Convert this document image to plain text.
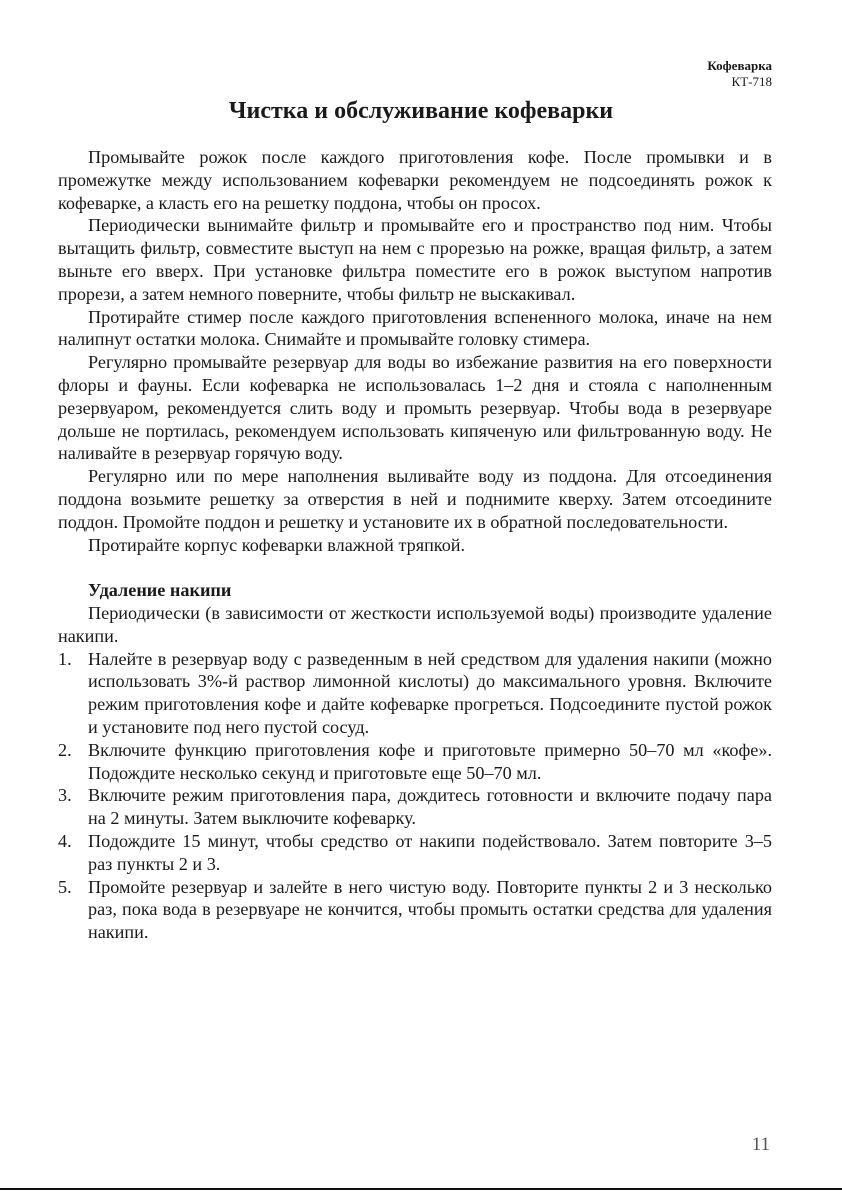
Кофеварка
КТ-718
Чистка и обслуживание кофеварки

Промывайте рожок после каждого приготовления кофе. После промывки и в промежутке между использованием кофеварки рекомендуем не подсоединять рожок к кофеварке, а класть его на решетку поддона, чтобы он просох.

Периодически вынимайте фильтр и промывайте его и пространство под ним. Чтобы вытащить фильтр, совместите выступ на нем с прорезью на рожке, вращая фильтр, а затем выньте его вверх. При установке фильтра поместите его в рожок выступом напротив прорези, а затем немного поверните, чтобы фильтр не выскакивал.

Протирайте стимер после каждого приготовления вспененного молока, иначе на нем налипнут остатки молока. Снимайте и промывайте головку стимера.

Регулярно промывайте резервуар для воды во избежание развития на его поверхности флоры и фауны. Если кофеварка не использовалась 1–2 дня и стояла с наполненным резервуаром, рекомендуется слить воду и промыть резервуар. Чтобы вода в резервуаре дольше не портилась, рекомендуем использовать кипяченую или фильтрованную воду. Не наливайте в резервуар горячую воду.

Регулярно или по мере наполнения выливайте воду из поддона. Для отсоединения поддона возьмите решетку за отверстия в ней и поднимите кверху. Затем отсоедините поддон. Промойте поддон и решетку и установите их в обратной последовательности.

Протирайте корпус кофеварки влажной тряпкой.

Удаление накипи

Периодически (в зависимости от жесткости используемой воды) производите удаление накипи.

1. Налейте в резервуар воду с разведенным в ней средством для удаления накипи (можно использовать 3%-й раствор лимонной кислоты) до максимального уровня. Включите режим приготовления кофе и дайте кофеварке прогреться. Подсоедините пустой рожок и установите под него пустой сосуд.
2. Включите функцию приготовления кофе и приготовьте примерно 50–70 мл «кофе». Подождите несколько секунд и приготовьте еще 50–70 мл.
3. Включите режим приготовления пара, дождитесь готовности и включите подачу пара на 2 минуты. Затем выключите кофеварку.
4. Подождите 15 минут, чтобы средство от накипи подействовало. Затем повторите 3–5 раз пункты 2 и 3.
5. Промойте резервуар и залейте в него чистую воду. Повторите пункты 2 и 3 несколько раз, пока вода в резервуаре не кончится, чтобы промыть остатки средства для удаления накипи.
11
